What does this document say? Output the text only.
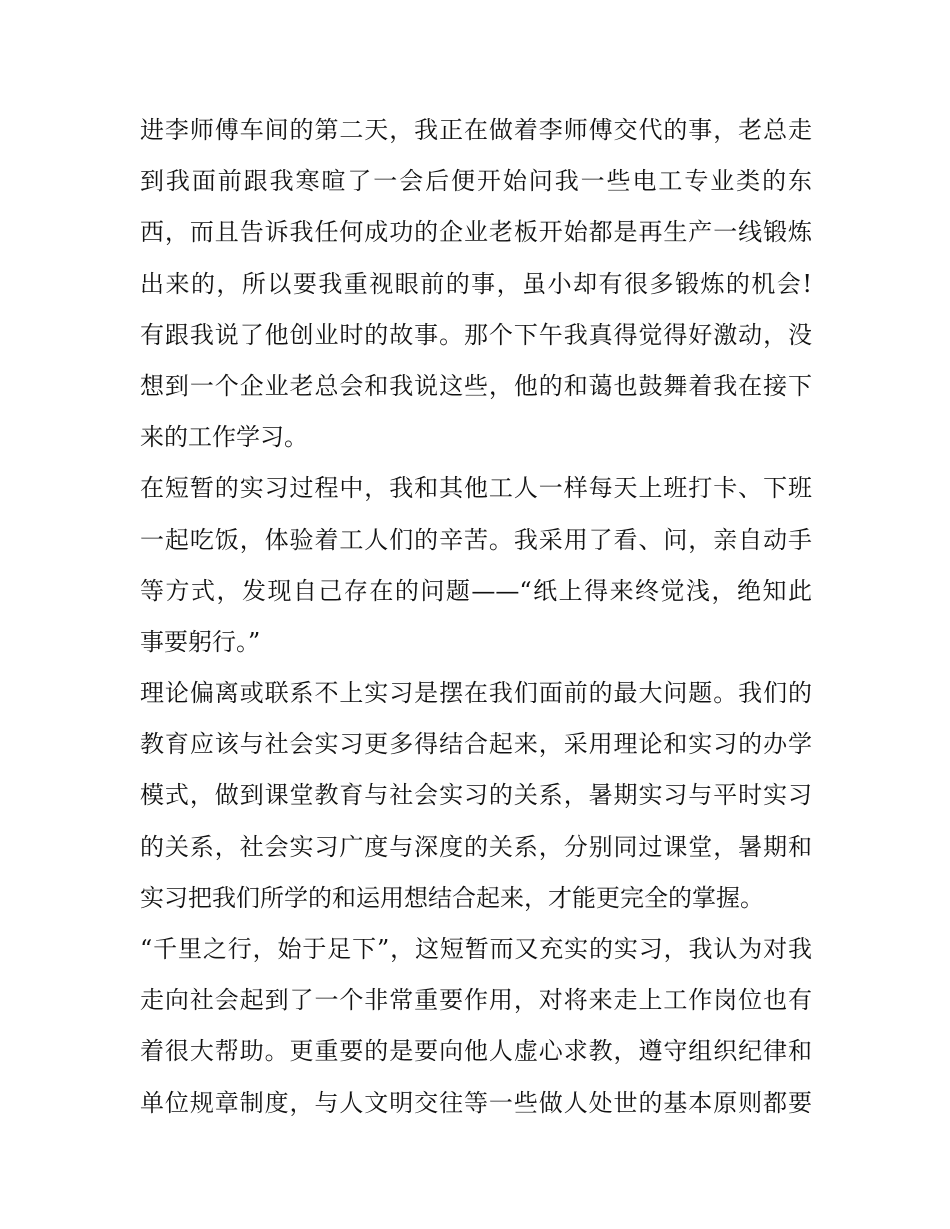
进李师傅车间的第二天，我正在做着李师傅交代的事，老总走
到我面前跟我寒暄了一会后便开始问我一些电工专业类的东
西，而且告诉我任何成功的企业老板开始都是再生产一线锻炼
出来的，所以要我重视眼前的事，虽小却有很多锻炼的机会!
有跟我说了他创业时的故事。那个下午我真得觉得好激动，没
想到一个企业老总会和我说这些，他的和蔼也鼓舞着我在接下
来的工作学习。
在短暂的实习过程中，我和其他工人一样每天上班打卡、下班
一起吃饭，体验着工人们的辛苦。我采用了看、问，亲自动手
等方式，发现自己存在的问题——“纸上得来终觉浅，绝知此
事要躬行。”
理论偏离或联系不上实习是摆在我们面前的最大问题。我们的
教育应该与社会实习更多得结合起来，采用理论和实习的办学
模式，做到课堂教育与社会实习的关系，暑期实习与平时实习
的关系，社会实习广度与深度的关系，分别同过课堂，暑期和
实习把我们所学的和运用想结合起来，才能更完全的掌握。
“千里之行，始于足下”，这短暂而又充实的实习，我认为对我
走向社会起到了一个非常重要作用，对将来走上工作岗位也有
着很大帮助。更重要的是要向他人虚心求教，遵守组织纪律和
单位规章制度，与人文明交往等一些做人处世的基本原则都要
